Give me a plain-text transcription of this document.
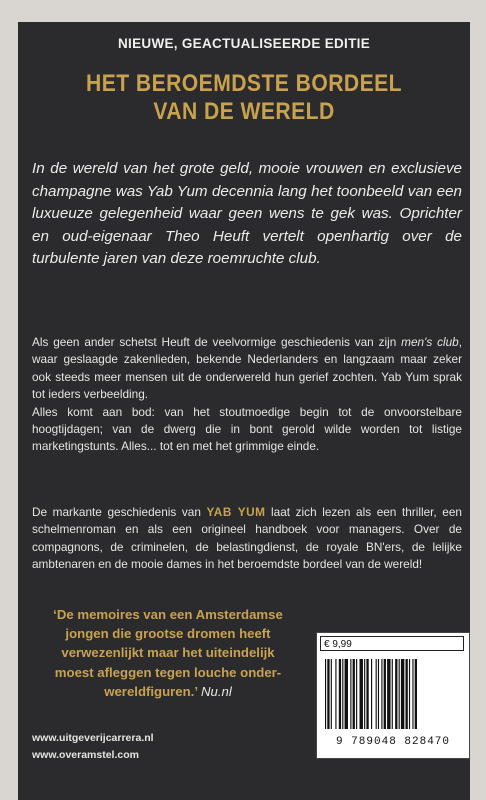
NIEUWE, GEACTUALISEERDE EDITIE
HET BEROEMDSTE BORDEEL
VAN DE WERELD

In de wereld van het grote geld, mooie vrouwen en exclusieve champagne was Yab Yum decennia lang het toonbeeld van een luxueuze gelegenheid waar geen wens te gek was. Oprichter en oud-eigenaar Theo Heuft vertelt openhartig over de turbulente jaren van deze roemruchte club.

Als geen ander schetst Heuft de veelvormige geschiedenis van zijn men's club, waar geslaagde zakenlieden, bekende Nederlanders en langzaam maar zeker ook steeds meer mensen uit de onderwereld hun gerief zochten. Yab Yum sprak tot ieders verbeelding.

Alles komt aan bod: van het stoutmoedige begin tot de onvoorstelbare hoogtijdagen; van de dwerg die in bont gerold wilde worden tot listige marketingstunts. Alles... tot en met het grimmige einde.

De markante geschiedenis van YAB YUM laat zich lezen als een thriller, een schelmenroman en als een origineel handboek voor managers. Over de compagnons, de criminelen, de belastingdienst, de royale BN'ers, de lelijke ambtenaren en de mooie dames in het beroemdste bordeel van de wereld!

‘De memoires van een Amsterdamse
jongen die grootse dromen heeft
verwezenlijkt maar het uiteindelijk
moest afleggen tegen louche onder-
wereldfiguren.’ Nu.nl
www.uitgeverijcarrera.nl
www.overamstel.com
€ 9,99
9 789048 828470
